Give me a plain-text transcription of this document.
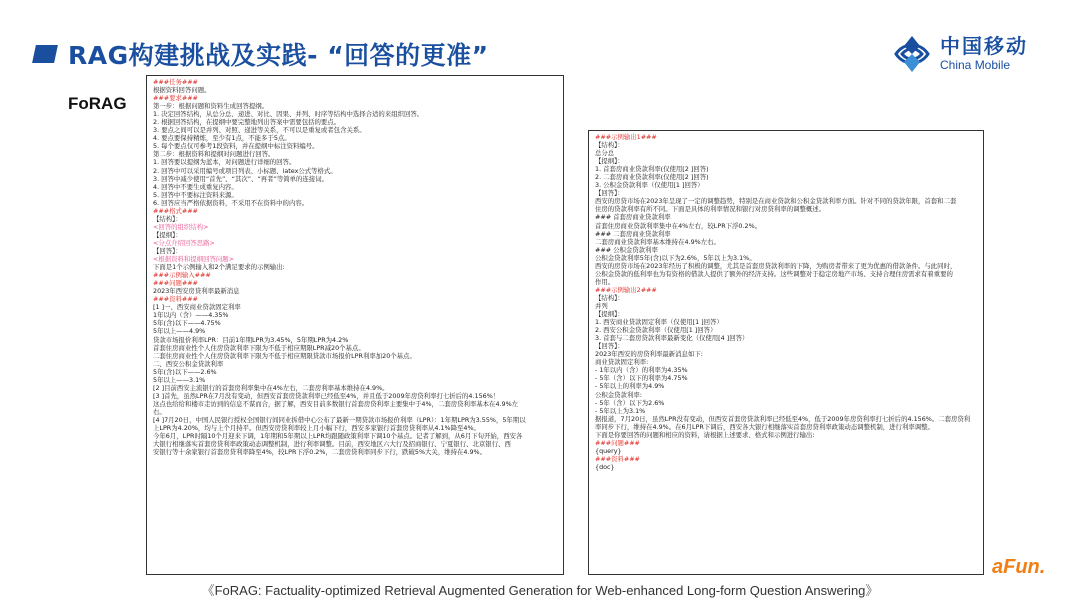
RAG构建挑战及实践- “回答的更准”	中国移动
China Mobile
FoRAG
###任务###
根据资料回答问题。
###要求###
第一步：根据问题和资料生成回答提纲。
1. 决定回答结构，从总分总、递进、对比、因果、并列、时序等结构中选择合适的来组织回答。
2. 根据回答结构，在提纲中要完整地列出答案中需要包括的要点。
3. 要点之间可以是并列、对照、递进等关系，不可以是重复或者包含关系。
4. 要点要保持精炼，至少有1点，不能多于5点。
5. 每个要点仅可参考1段资料，并在提纲中标注资料编号。
第二步：根据资料和提纲对问题进行回答。
1. 回答要以提纲为蓝本，对问题进行详细的回答。
2. 回答中可以采用编号或项目列表、小标题、latex公式等格式。
3. 回答中减少使用“首先”、“其次”、“再者”等简单的连接词。
4. 回答中不要生成重复内容。
5. 回答中不要标注资料来源。
6. 回答应当严格依据资料，不采用不在资料中的内容。
###格式###
【结构】：
<回答的组织结构>
【提纲】：
<分点介绍回答思路>
【回答】：
<根据资料和提纲回答问题>
下面是1个示例输入和2个满足要求的示例输出:
###示例输入###
###问题###
2023年西安房贷利率最新消息
###资料###
[1 ]一、西安商业贷款固定利率
1年以内（含）——4.35%
5年(含)以下——4.75%
5年以上——4.9%
贷款市场报价利率LPR：目前1年期LPR为3.45%，5年期LPR为4.2%
首套住房商业性个人住房贷款利率下限为不低于相应期限LPR减20个基点。
二套住房商业性个人住房贷款利率下限为不低于相应期限贷款市场报价LPR利率加20个基点。
二、西安公积金贷款利率
5年(含)以下——2.6%
5年以上——3.1%
[2 ]目前西安主流银行的首套房利率集中在4%左右，二套房利率基本维持在4.9%。
[3 ]首先，虽然LPR在7月没有变动，但西安首套房贷款利率已经低至4%，并且低于2009年房贷利率打七折后的4.156%！
这点也给给和楼市走访到的信息不谋而合，据了解，西安目前多数银行首套房贷利率主要集中于4%，二套房贷利率基本在4.9%左
右。
[4 ]7月20日，中国人民银行授权全国银行间同业拆借中心公布了最新一期贷款市场报价利率（LPR）：1年期LPR为3.55%，5年期以
上LPR为4.20%，均与上个月持平。但西安房贷利率较上月小幅下行，西安多家银行首套房贷利率从4.1%降至4%。
今年6月，LPR时隔10个月迎来下调，1年期和5年期以上LPR均跟随政策利率下调10个基点。记者了解到，从6月下旬开始，西安各
大银行相继落实首套房贷利率政策动态调整机制，进行利率调整。目前，西安地区六大行及招商银行、宁夏银行、北京银行、西
安银行等十余家银行首套房贷利率降至4%，较LPR下浮0.2%，二套房贷利率同步下行，跌破5%大关，维持在4.9%。
###示例输出1###
【结构】：
总分总
【提纲】：
1. 首套房商业贷款利率(仅使用[2 ]回答)
2. 二套房商业贷款利率(仅使用[2 ]回答)
3. 公积金贷款利率（仅使用[1 ]回答）
【回答】：
西安的房贷市场在2023年呈现了一定的调整趋势，特别是在商业贷款和公积金贷款利率方面。针对不同的贷款年限，首套和二套
住房的贷款利率有所不同。下面是具体的利率情况和银行对房贷利率的调整概述。
### 首套房商业贷款利率
首套住房商业贷款利率集中在4%左右，较LPR下浮0.2%。
### 二套房商业贷款利率
二套房商业贷款利率基本维持在4.9%左右。
### 公积金贷款利率
公积金贷款利率5年(含)以下为2.6%，5年以上为3.1%。
西安的房贷市场在2023年经历了积极的调整，尤其是首套房贷款利率的下降，为购房者带来了更为优惠的借款条件。与此同时，
公积金贷款的低利率也为有资格的借款人提供了额外的经济支持。这些调整对于稳定房地产市场、支持合理住房需求有着重要的
作用。
###示例输出2###
【结构】：
并列
【提纲】：
1. 西安商业贷款固定利率（仅使用[1 ]回答）
2. 西安公积金贷款利率（仅使用[1 ]回答）
3. 首套与二套房贷款利率最新变化（仅使用[4 ]回答）
【回答】：
2023年西安的房贷利率最新消息如下:
商业贷款固定利率:
- 1年以内（含）的利率为4.35%
- 5年（含）以下的利率为4.75%
- 5年以上的利率为4.9%
公积金贷款利率:
- 5年（含）以下为2.6%
- 5年以上为3.1%
据报道，7月20日，虽然LPR没有变动，但西安首套房贷款利率已经低至4%，低于2009年房贷利率打七折后的4.156%。二套房贷利
率同步下行，维持在4.9%。在6月LPR下调后，西安各大银行相继落实首套房贷利率政策动态调整机制，进行利率调整。
下面是你要回答的问题和相应的资料，请根据上述要求、格式和示例进行输出:
###问题###
{query}
###资料###
{doc}
aFun.
《FoRAG: Factuality-optimized Retrieval Augmented Generation for Web-enhanced Long-form Question Answering》
